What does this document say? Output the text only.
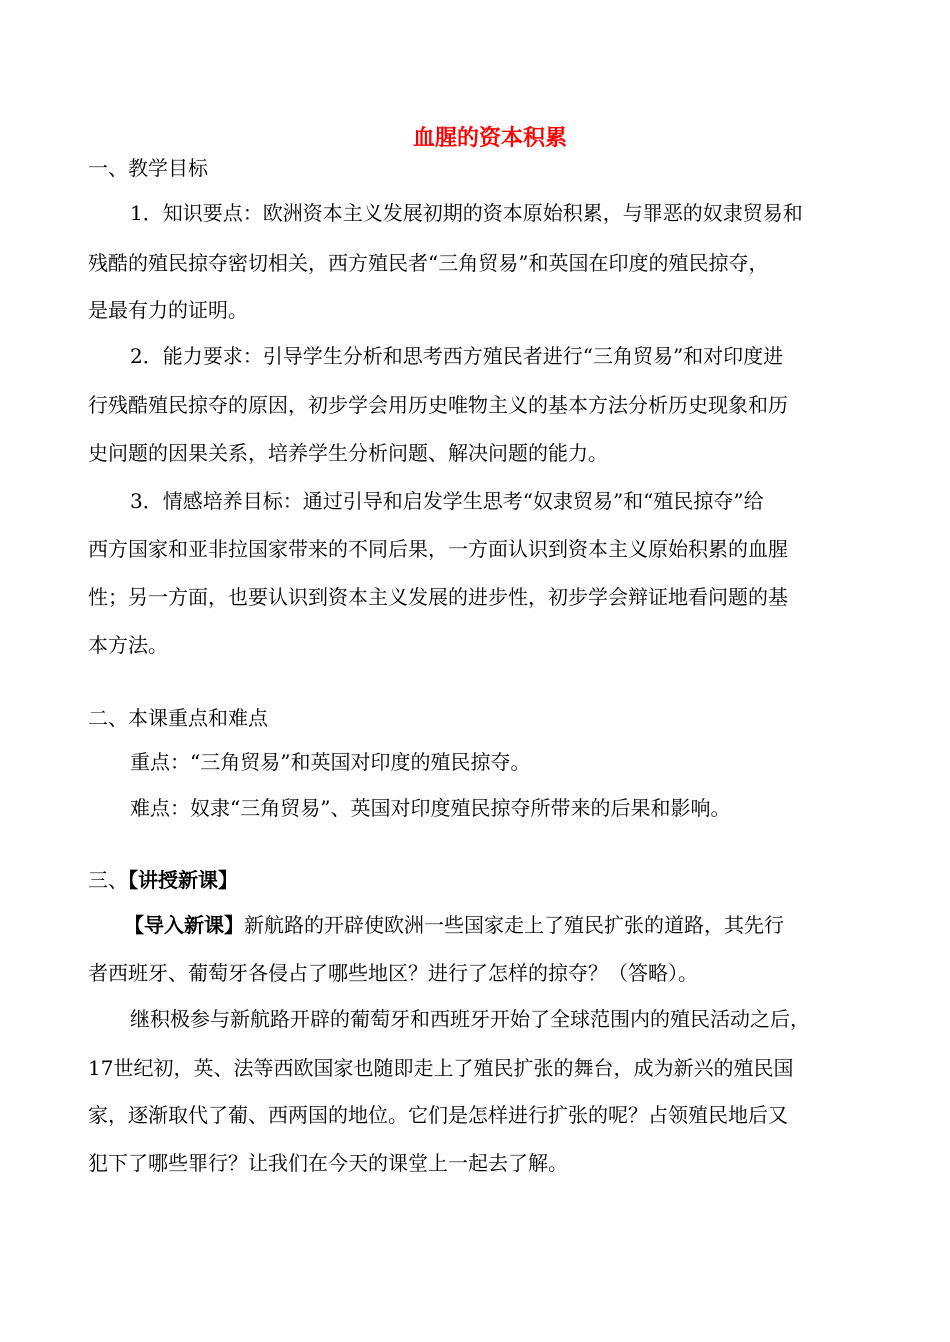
血腥的资本积累
一、教学目标
1．知识要点：欧洲资本主义发展初期的资本原始积累，与罪恶的奴隶贸易和
残酷的殖民掠夺密切相关，西方殖民者“三角贸易”和英国在印度的殖民掠夺，
是最有力的证明。
2．能力要求：引导学生分析和思考西方殖民者进行“三角贸易”和对印度进
行残酷殖民掠夺的原因，初步学会用历史唯物主义的基本方法分析历史现象和历
史问题的因果关系，培养学生分析问题、解决问题的能力。
3．情感培养目标：通过引导和启发学生思考“奴隶贸易”和“殖民掠夺”给
西方国家和亚非拉国家带来的不同后果，一方面认识到资本主义原始积累的血腥
性；另一方面，也要认识到资本主义发展的进步性，初步学会辩证地看问题的基
本方法。
二、本课重点和难点
重点：“三角贸易”和英国对印度的殖民掠夺。
难点：奴隶“三角贸易”、英国对印度殖民掠夺所带来的后果和影响。
三、【讲授新课】
【导入新课】新航路的开辟使欧洲一些国家走上了殖民扩张的道路，其先行
者西班牙、葡萄牙各侵占了哪些地区？进行了怎样的掠夺？（答略）。
继积极参与新航路开辟的葡萄牙和西班牙开始了全球范围内的殖民活动之后，
17世纪初，英、法等西欧国家也随即走上了殖民扩张的舞台，成为新兴的殖民国
家，逐渐取代了葡、西两国的地位。它们是怎样进行扩张的呢？占领殖民地后又
犯下了哪些罪行？让我们在今天的课堂上一起去了解。
